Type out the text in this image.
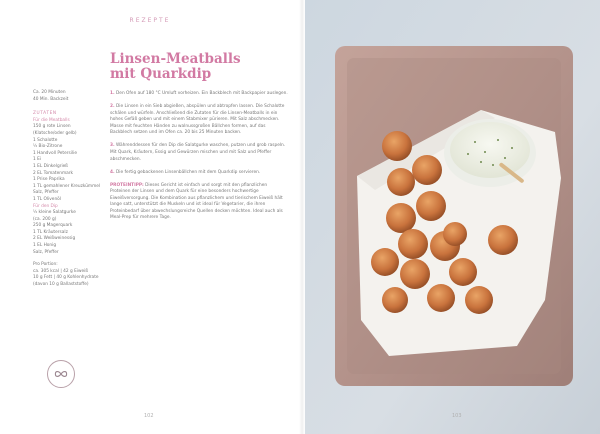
REZEPTE
Linsen-Meatballs
mit Quarkdip
Ca. 20 Minuten
40 Min. Backzeit
ZUTATEN
Für die Meatballs
150 g rote Linsen
(Klatsche/oder gelb)
1 Schalotte
½ Bio-Zitrone
1 Handvoll Petersilie
1 Ei
1 EL Dinkelgrieß
2 EL Tomatenmark
1 Prise Paprika
1 TL gemahlener Kreuzkümmel
Salz, Pfeffer
1 TL Olivenöl
Für den Dip
½ kleine Salatgurke
(ca. 200 g)
250 g Magerquark
1 TL Kräutersalz
2 EL Weißweinessig
1 EL Honig
Salz, Pfeffer
Pro Portion:
ca. 305 kcal | 42 g Eiweiß
10 g Fett | 40 g Kohlenhydrate
(davon 10 g Ballaststoffe)

1. Den Ofen auf 180 °C Umluft vorheizen. Ein Backblech mit Backpapier auslegen.

2. Die Linsen in ein Sieb abgießen, abspülen und abtropfen lassen. Die Schalotte schälen und würfeln. Anschließend die Zutaten für die Linsen-Meatballs in ein hohes Gefäß geben und mit einem Stabmixer pürieren. Mit Salz abschmecken. Masse mit feuchten Händen zu walnussgroßen Bällchen formen, auf das Backblech setzen und im Ofen ca. 20 bis 25 Minuten backen.

3. Währenddessen für den Dip die Salatgurke waschen, putzen und grob raspeln. Mit Quark, Kräutern, Essig und Gewürzen mischen und mit Salz und Pfeffer abschmecken.

4. Die fertig gebackenen Linsenbällchen mit dem Quarkdip servieren.

PROTEINTIPP: Dieses Gericht ist einfach und sorgt mit den pflanzlichen Proteinen der Linsen und dem Quark für eine besonders hochwertige Eiweißversorgung. Die Kombination aus pflanzlichem und tierischem Eiweiß hält lange satt, unterstützt die Muskeln und ist ideal für Vegetarier, die ihren Proteinbedarf über abwechslungsreiche Quellen decken möchten. Ideal auch als Meal-Prep für mehrere Tage.

102	103
